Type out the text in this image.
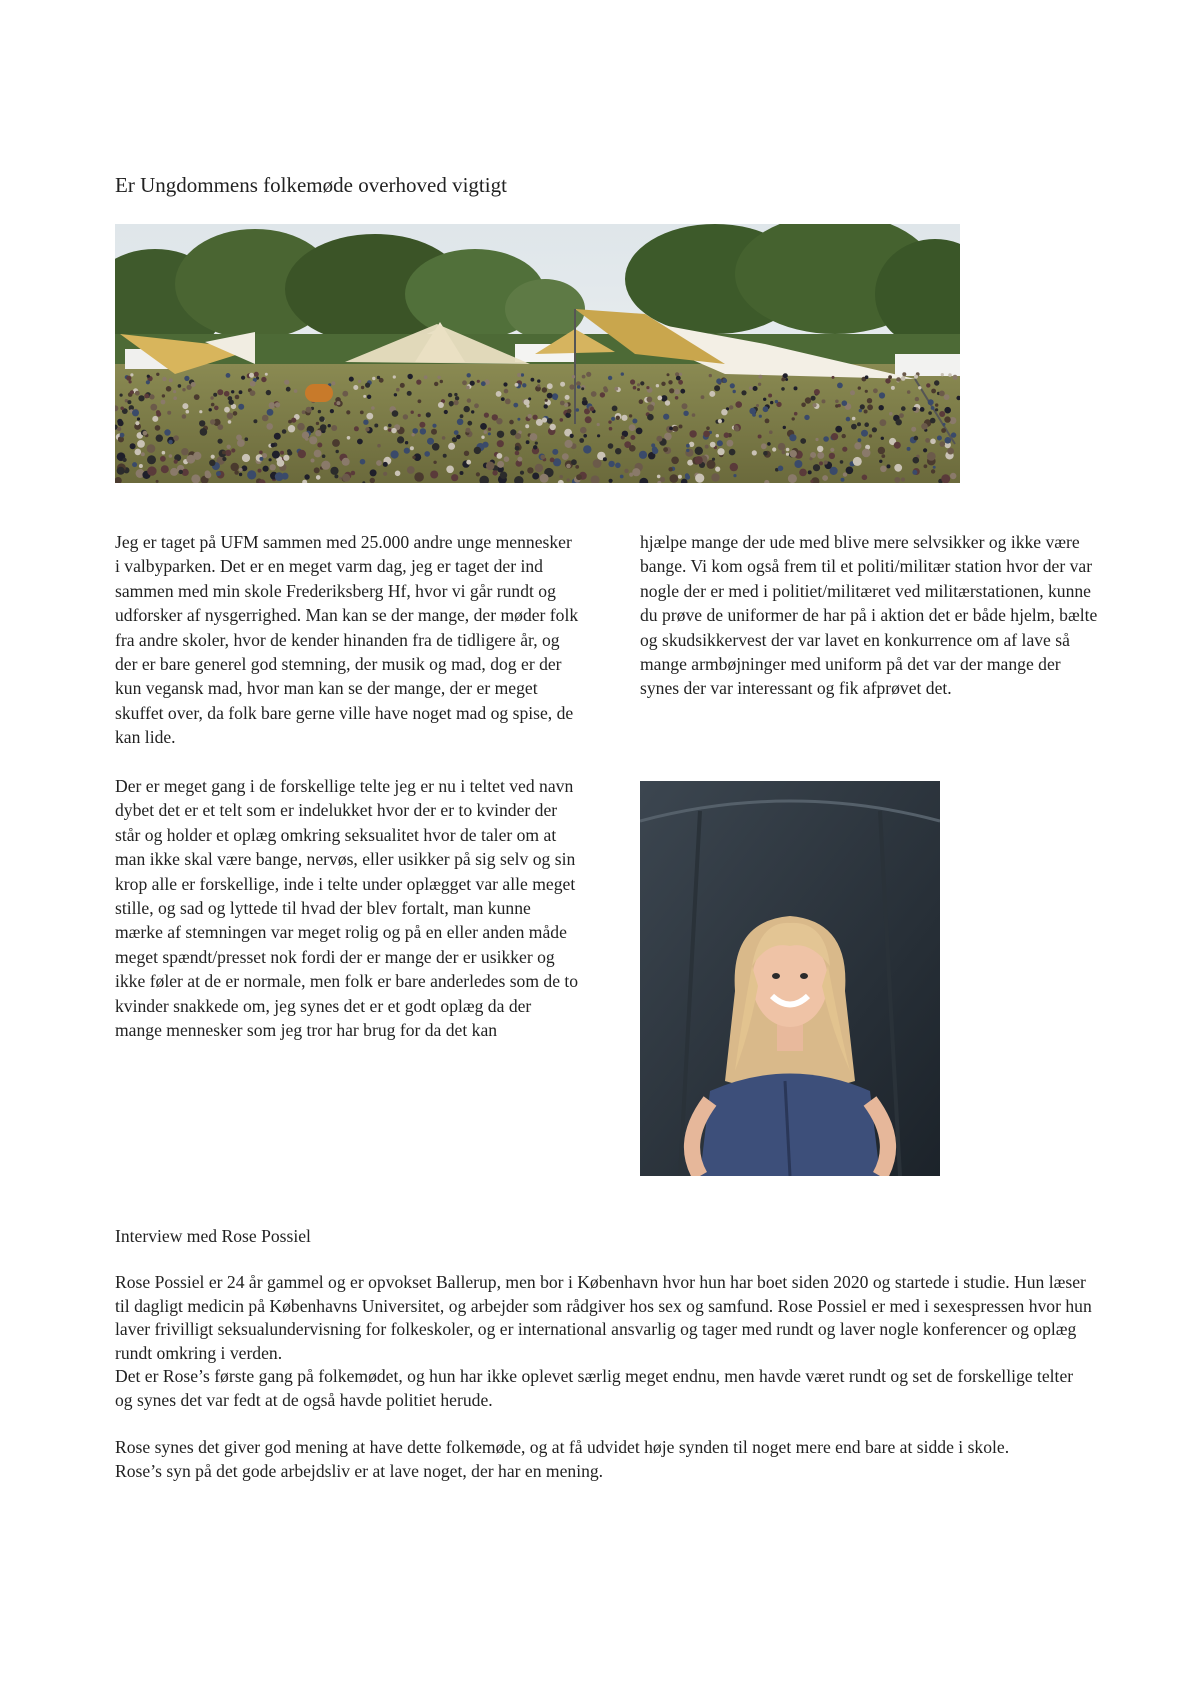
Er Ungdommens folkemøde overhoved vigtigt

Jeg er taget på UFM sammen med 25.000 andre unge mennesker i valbyparken. Det er en meget varm dag, jeg er taget der ind sammen med min skole Frederiksberg Hf, hvor vi går rundt og udforsker af nysgerrighed. Man kan se der mange, der møder folk fra andre skoler, hvor de kender hinanden fra de tidligere år, og der er bare generel god stemning, der musik og mad, dog er der kun vegansk mad, hvor man kan se der mange, der er meget skuffet over, da folk bare gerne ville have noget mad og spise, de kan lide.

Der er meget gang i de forskellige telte jeg er nu i teltet ved navn dybet det er et telt som er indelukket hvor der er to kvinder der står og holder et oplæg omkring seksualitet hvor de taler om at man ikke skal være bange, nervøs, eller usikker på sig selv og sin krop alle er forskellige, inde i telte under oplægget var alle meget stille, og sad og lyttede til hvad der blev fortalt, man kunne mærke af stemningen var meget rolig og på en eller anden måde meget spændt/presset nok fordi der er mange der er usikker og ikke føler at de er normale, men folk er bare anderledes som de to kvinder snakkede om, jeg synes det er et godt oplæg da der mange mennesker som jeg tror har brug for da det kan

hjælpe mange der ude med blive mere selvsikker og ikke være bange. Vi kom også frem til et politi/militær station hvor der var nogle der er med i politiet/militæret ved militærstationen, kunne du prøve de uniformer de har på i aktion det er både hjelm, bælte og skudsikkervest der var lavet en konkurrence om af lave så mange armbøjninger med uniform på det var der mange der synes der var interessant og fik afprøvet det.

Interview med Rose Possiel

Rose Possiel er 24 år gammel og er opvokset Ballerup, men bor i København hvor hun har boet siden 2020 og startede i studie. Hun læser til dagligt medicin på Københavns Universitet, og arbejder som rådgiver hos sex og samfund. Rose Possiel er med i sexespressen hvor hun laver frivilligt seksualundervisning for folkeskoler, og er international ansvarlig og tager med rundt og laver nogle konferencer og oplæg rundt omkring i verden.

Det er Rose’s første gang på folkemødet, og hun har ikke oplevet særlig meget endnu, men havde været rundt og set de forskellige telter og synes det var fedt at de også havde politiet herude.

Rose synes det giver god mening at have dette folkemøde, og at få udvidet høje synden til noget mere end bare at sidde i skole.

Rose’s syn på det gode arbejdsliv er at lave noget, der har en mening.
